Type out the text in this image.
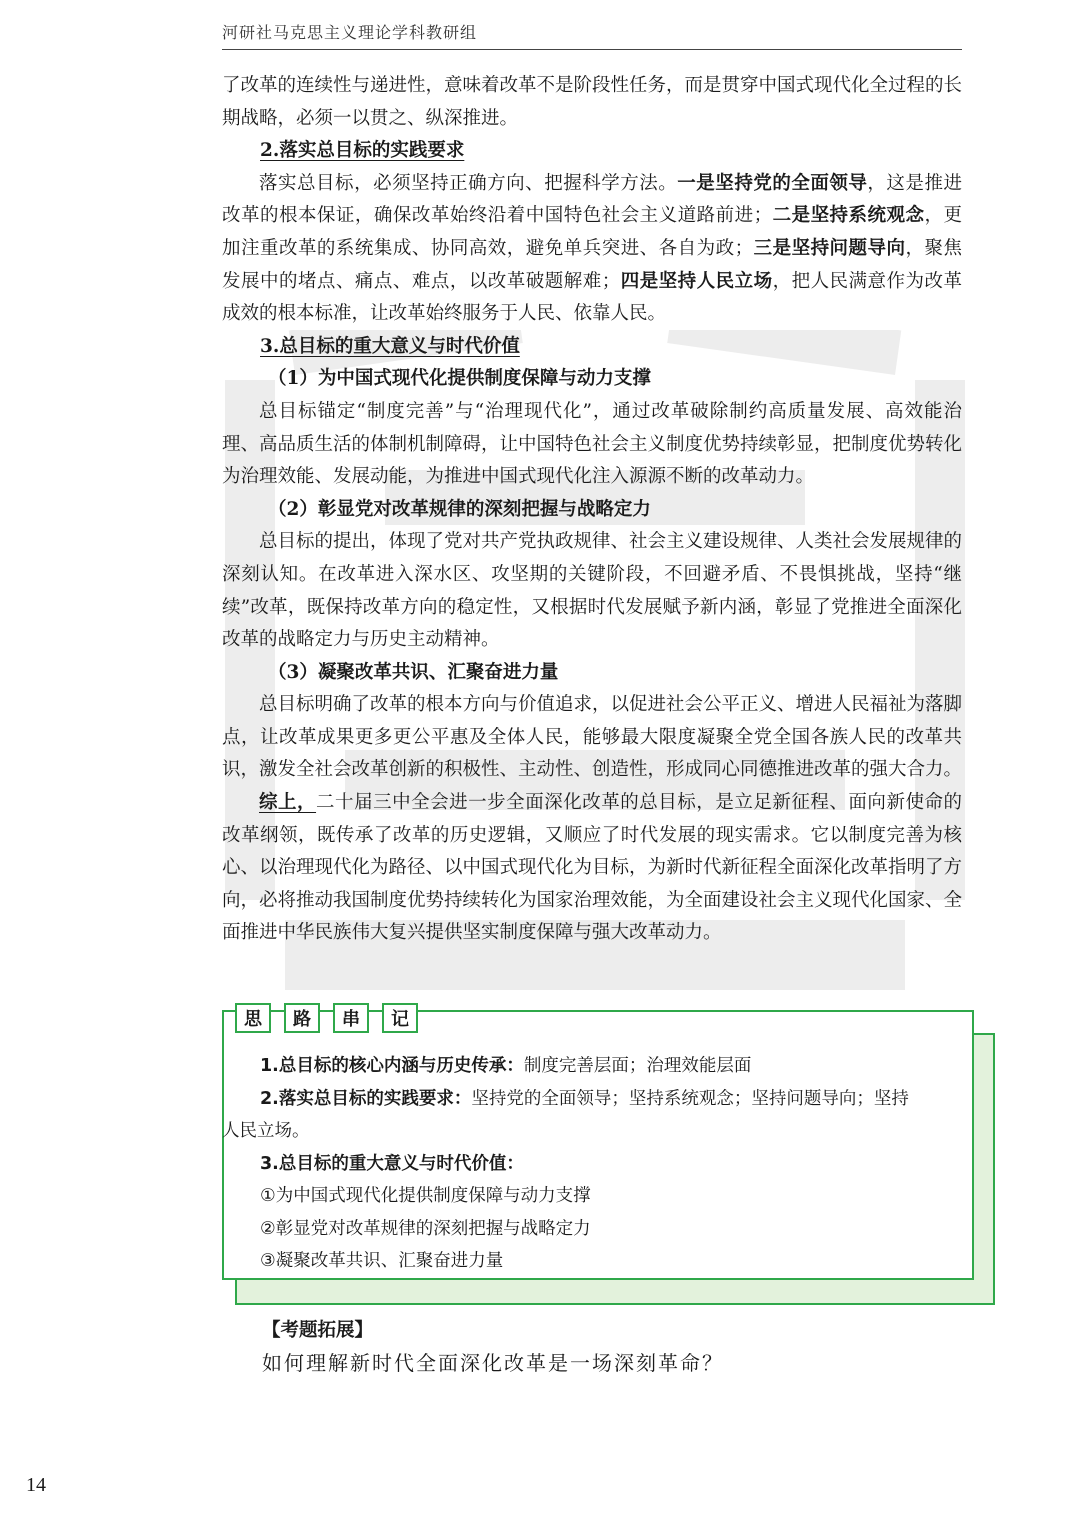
河研社马克思主义理论学科教研组

了改革的连续性与递进性，意味着改革不是阶段性任务，而是贯穿中国式现代化全过程的长期战略，必须一以贯之、纵深推进。

2.落实总目标的实践要求

落实总目标，必须坚持正确方向、把握科学方法。一是坚持党的全面领导，这是推进改革的根本保证，确保改革始终沿着中国特色社会主义道路前进；二是坚持系统观念，更加注重改革的系统集成、协同高效，避免单兵突进、各自为政；三是坚持问题导向，聚焦发展中的堵点、痛点、难点，以改革破题解难；四是坚持人民立场，把人民满意作为改革成效的根本标准，让改革始终服务于人民、依靠人民。

3.总目标的重大意义与时代价值

（1）为中国式现代化提供制度保障与动力支撑

总目标锚定“制度完善”与“治理现代化”，通过改革破除制约高质量发展、高效能治理、高品质生活的体制机制障碍，让中国特色社会主义制度优势持续彰显，把制度优势转化为治理效能、发展动能，为推进中国式现代化注入源源不断的改革动力。

（2）彰显党对改革规律的深刻把握与战略定力

总目标的提出，体现了党对共产党执政规律、社会主义建设规律、人类社会发展规律的深刻认知。在改革进入深水区、攻坚期的关键阶段，不回避矛盾、不畏惧挑战，坚持“继续”改革，既保持改革方向的稳定性，又根据时代发展赋予新内涵，彰显了党推进全面深化改革的战略定力与历史主动精神。

（3）凝聚改革共识、汇聚奋进力量

总目标明确了改革的根本方向与价值追求，以促进社会公平正义、增进人民福祉为落脚点，让改革成果更多更公平惠及全体人民，能够最大限度凝聚全党全国各族人民的改革共识，激发全社会改革创新的积极性、主动性、创造性，形成同心同德推进改革的强大合力。

综上，二十届三中全会进一步全面深化改革的总目标，是立足新征程、面向新使命的改革纲领，既传承了改革的历史逻辑，又顺应了时代发展的现实需求。它以制度完善为核心、以治理现代化为路径、以中国式现代化为目标，为新时代新征程全面深化改革指明了方向，必将推动我国制度优势持续转化为国家治理效能，为全面建设社会主义现代化国家、全面推进中华民族伟大复兴提供坚实制度保障与强大改革动力。

思	路	串	记

1.总目标的核心内涵与历史传承：制度完善层面；治理效能层面

2.落实总目标的实践要求：坚持党的全面领导；坚持系统观念；坚持问题导向；坚持

人民立场。

3.总目标的重大意义与时代价值：

①为中国式现代化提供制度保障与动力支撑

②彰显党对改革规律的深刻把握与战略定力

③凝聚改革共识、汇聚奋进力量

【考题拓展】
如何理解新时代全面深化改革是一场深刻革命？
14
